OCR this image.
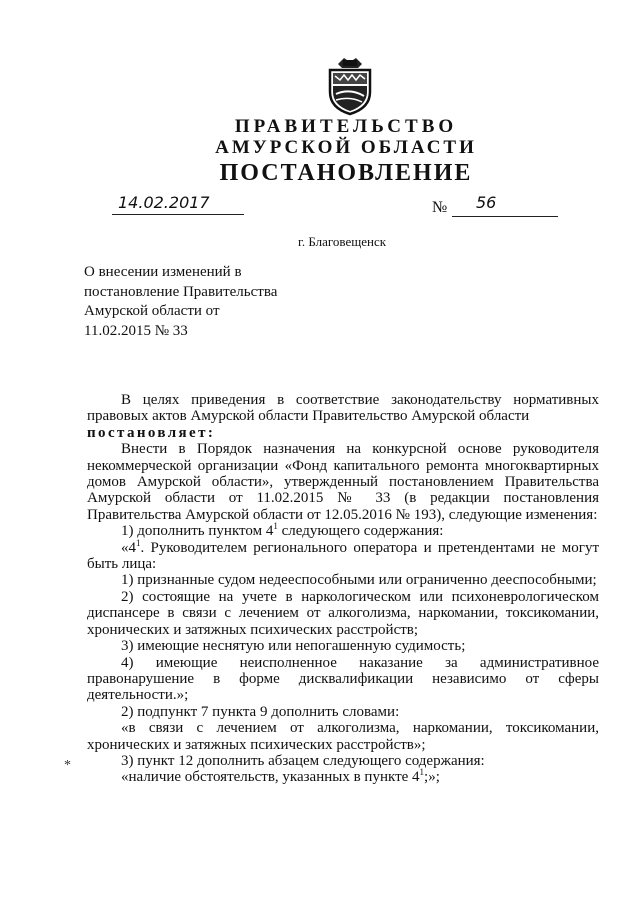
ПРАВИТЕЛЬСТВО
АМУРСКОЙ ОБЛАСТИ
ПОСТАНОВЛЕНИЕ
14.02.2017	№ 56
г. Благовещенск
О внесении изменений в
постановление Правительства
Амурской области от
11.02.2015 № 33

В целях приведения в соответствие законодательству нормативных правовых актов Амурской области Правительство Амурской области

постановляет:

Внести в Порядок назначения на конкурсной основе руководителя некоммерческой организации «Фонд капитального ремонта многоквартирных домов Амурской области», утвержденный постановлением Правительства Амурской области от 11.02.2015 № 33 (в редакции постановления Правительства Амурской области от 12.05.2016 № 193), следующие изменения:

1) дополнить пунктом $4^1$ следующего содержания:

«$4^1$. Руководителем регионального оператора и претендентами не могут быть лица:

1) признанные судом недееспособными или ограниченно дееспособными;

2) состоящие на учете в наркологическом или психоневрологическом диспансере в связи с лечением от алкоголизма, наркомании, токсикомании, хронических и затяжных психических расстройств;

3) имеющие неснятую или непогашенную судимость;

4) имеющие неисполненное наказание за административное правонарушение в форме дисквалификации независимо от сферы деятельности.»;

2) подпункт 7 пункта 9 дополнить словами:

«в связи с лечением от алкоголизма, наркомании, токсикомании, хронических и затяжных психических расстройств»;

3) пункт 12 дополнить абзацем следующего содержания:

«наличие обстоятельств, указанных в пункте $4^1$;»;

*
